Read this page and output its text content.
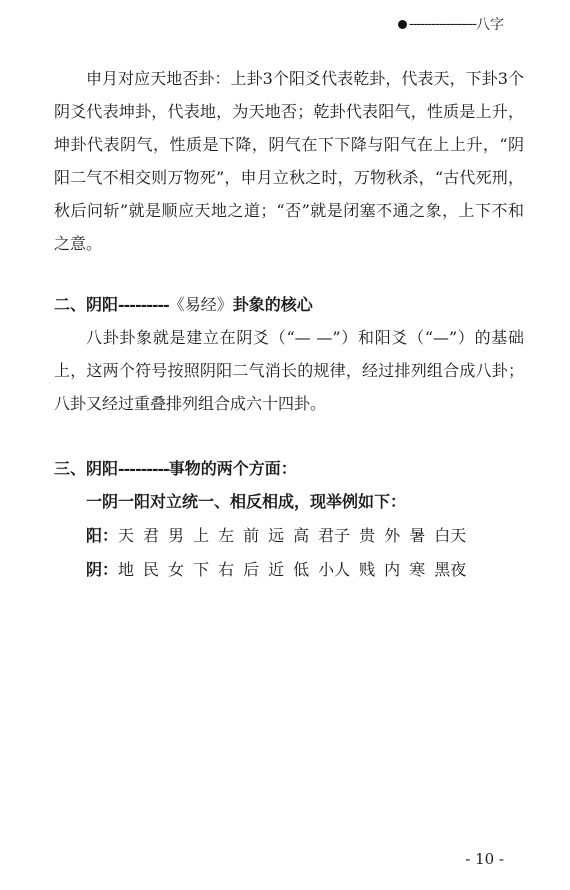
------------------ 八字

申月对应天地否卦：上卦3个阳爻代表乾卦，代表天，下卦3个阴爻代表坤卦，代表地，为天地否；乾卦代表阳气，性质是上升，坤卦代表阴气，性质是下降，阴气在下下降与阳气在上上升，“阴阳二气不相交则万物死”，申月立秋之时，万物秋杀，“古代死刑，秋后问斩”就是顺应天地之道；“否”就是闭塞不通之象，上下不和之意。

二、阴阳---------《易经》卦象的核心

八卦卦象就是建立在阴爻（“— —”）和阳爻（“—”）的基础上，这两个符号按照阴阳二气消长的规律，经过排列组合成八卦；八卦又经过重叠排列组合成六十四卦。

三、阴阳---------事物的两个方面：

一阴一阳对立统一、相反相成，现举例如下：

阳：天 君 男 上 左 前 远 高 君子 贵 外 暑 白天

阴：地 民 女 下 右 后 近 低 小人 贱 内 寒 黑夜

- 10 -
